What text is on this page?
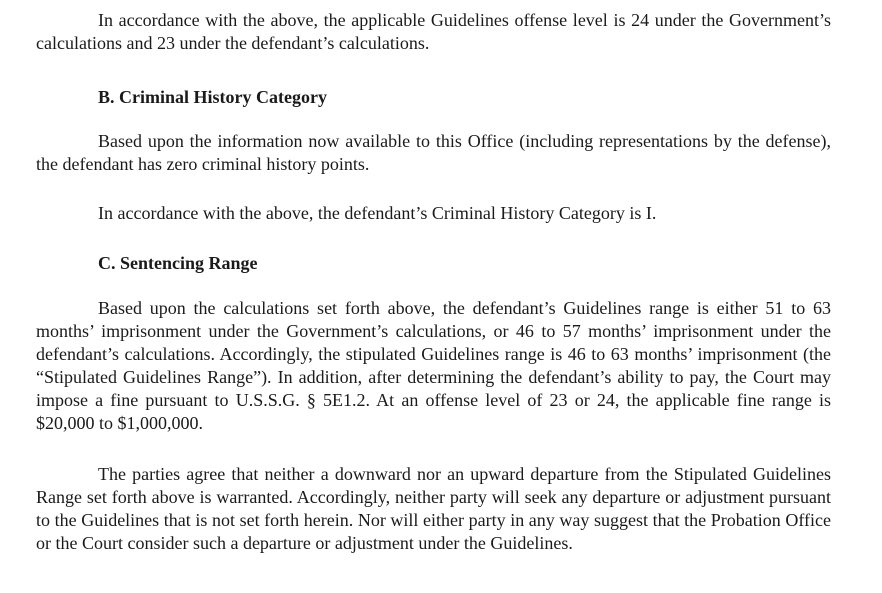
In accordance with the above, the applicable Guidelines offense level is 24 under the Government’s calculations and 23 under the defendant’s calculations.

B. Criminal History Category

Based upon the information now available to this Office (including representations by the defense), the defendant has zero criminal history points.

In accordance with the above, the defendant’s Criminal History Category is I.

C. Sentencing Range

Based upon the calculations set forth above, the defendant’s Guidelines range is either 51 to 63 months’ imprisonment under the Government’s calculations, or 46 to 57 months’ imprisonment under the defendant’s calculations. Accordingly, the stipulated Guidelines range is 46 to 63 months’ imprisonment (the “Stipulated Guidelines Range”). In addition, after determining the defendant’s ability to pay, the Court may impose a fine pursuant to U.S.S.G. § 5E1.2. At an offense level of 23 or 24, the applicable fine range is $20,000 to $1,000,000.

The parties agree that neither a downward nor an upward departure from the Stipulated Guidelines Range set forth above is warranted. Accordingly, neither party will seek any departure or adjustment pursuant to the Guidelines that is not set forth herein. Nor will either party in any way suggest that the Probation Office or the Court consider such a departure or adjustment under the Guidelines.
